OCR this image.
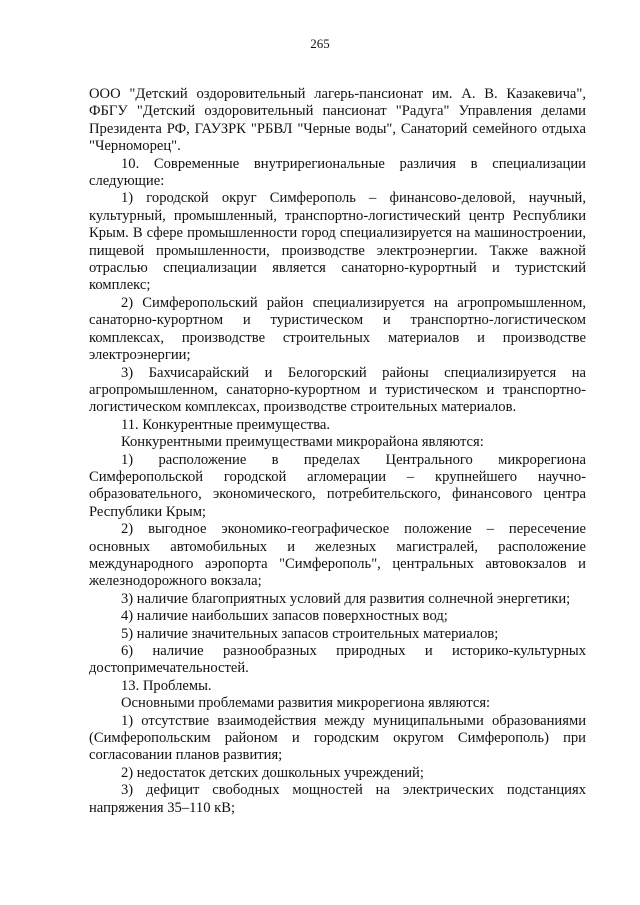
265

ООО "Детский оздоровительный лагерь-пансионат им. А. В. Казакевича", ФБГУ "Детский оздоровительный пансионат "Радуга" Управления делами Президента РФ, ГАУЗРК "РБВЛ "Черные воды", Санаторий семейного отдыха "Черноморец".

10. Современные внутрирегиональные различия в специализации следующие:

1) городской округ Симферополь – финансово-деловой, научный, культурный, промышленный, транспортно-логистический центр Республики Крым. В сфере промышленности город специализируется на машиностроении, пищевой промышленности, производстве электроэнергии. Также важной отраслью специализации является санаторно-курортный и туристский комплекс;

2) Симферопольский район специализируется на агропромышленном, санаторно-курортном и туристическом и транспортно-логистическом комплексах, производстве строительных материалов и производстве электроэнергии;

3) Бахчисарайский и Белогорский районы специализируется на агропромышленном, санаторно-курортном и туристическом и транспортно-логистическом комплексах, производстве строительных материалов.

11. Конкурентные преимущества.

Конкурентными преимуществами микрорайона являются:

1) расположение в пределах Центрального микрорегиона Симферопольской городской агломерации – крупнейшего научно-образовательного, экономического, потребительского, финансового центра Республики Крым;

2) выгодное экономико-географическое положение – пересечение основных автомобильных и железных магистралей, расположение международного аэропорта "Симферополь", центральных автовокзалов и железнодорожного вокзала;

3) наличие благоприятных условий для развития солнечной энергетики;

4) наличие наибольших запасов поверхностных вод;

5) наличие значительных запасов строительных материалов;

6) наличие разнообразных природных и историко-культурных достопримечательностей.

13. Проблемы.

Основными проблемами развития микрорегиона являются:

1) отсутствие взаимодействия между муниципальными образованиями (Симферопольским районом и городским округом Симферополь) при согласовании планов развития;

2) недостаток детских дошкольных учреждений;

3) дефицит свободных мощностей на электрических подстанциях напряжения 35–110 кВ;
